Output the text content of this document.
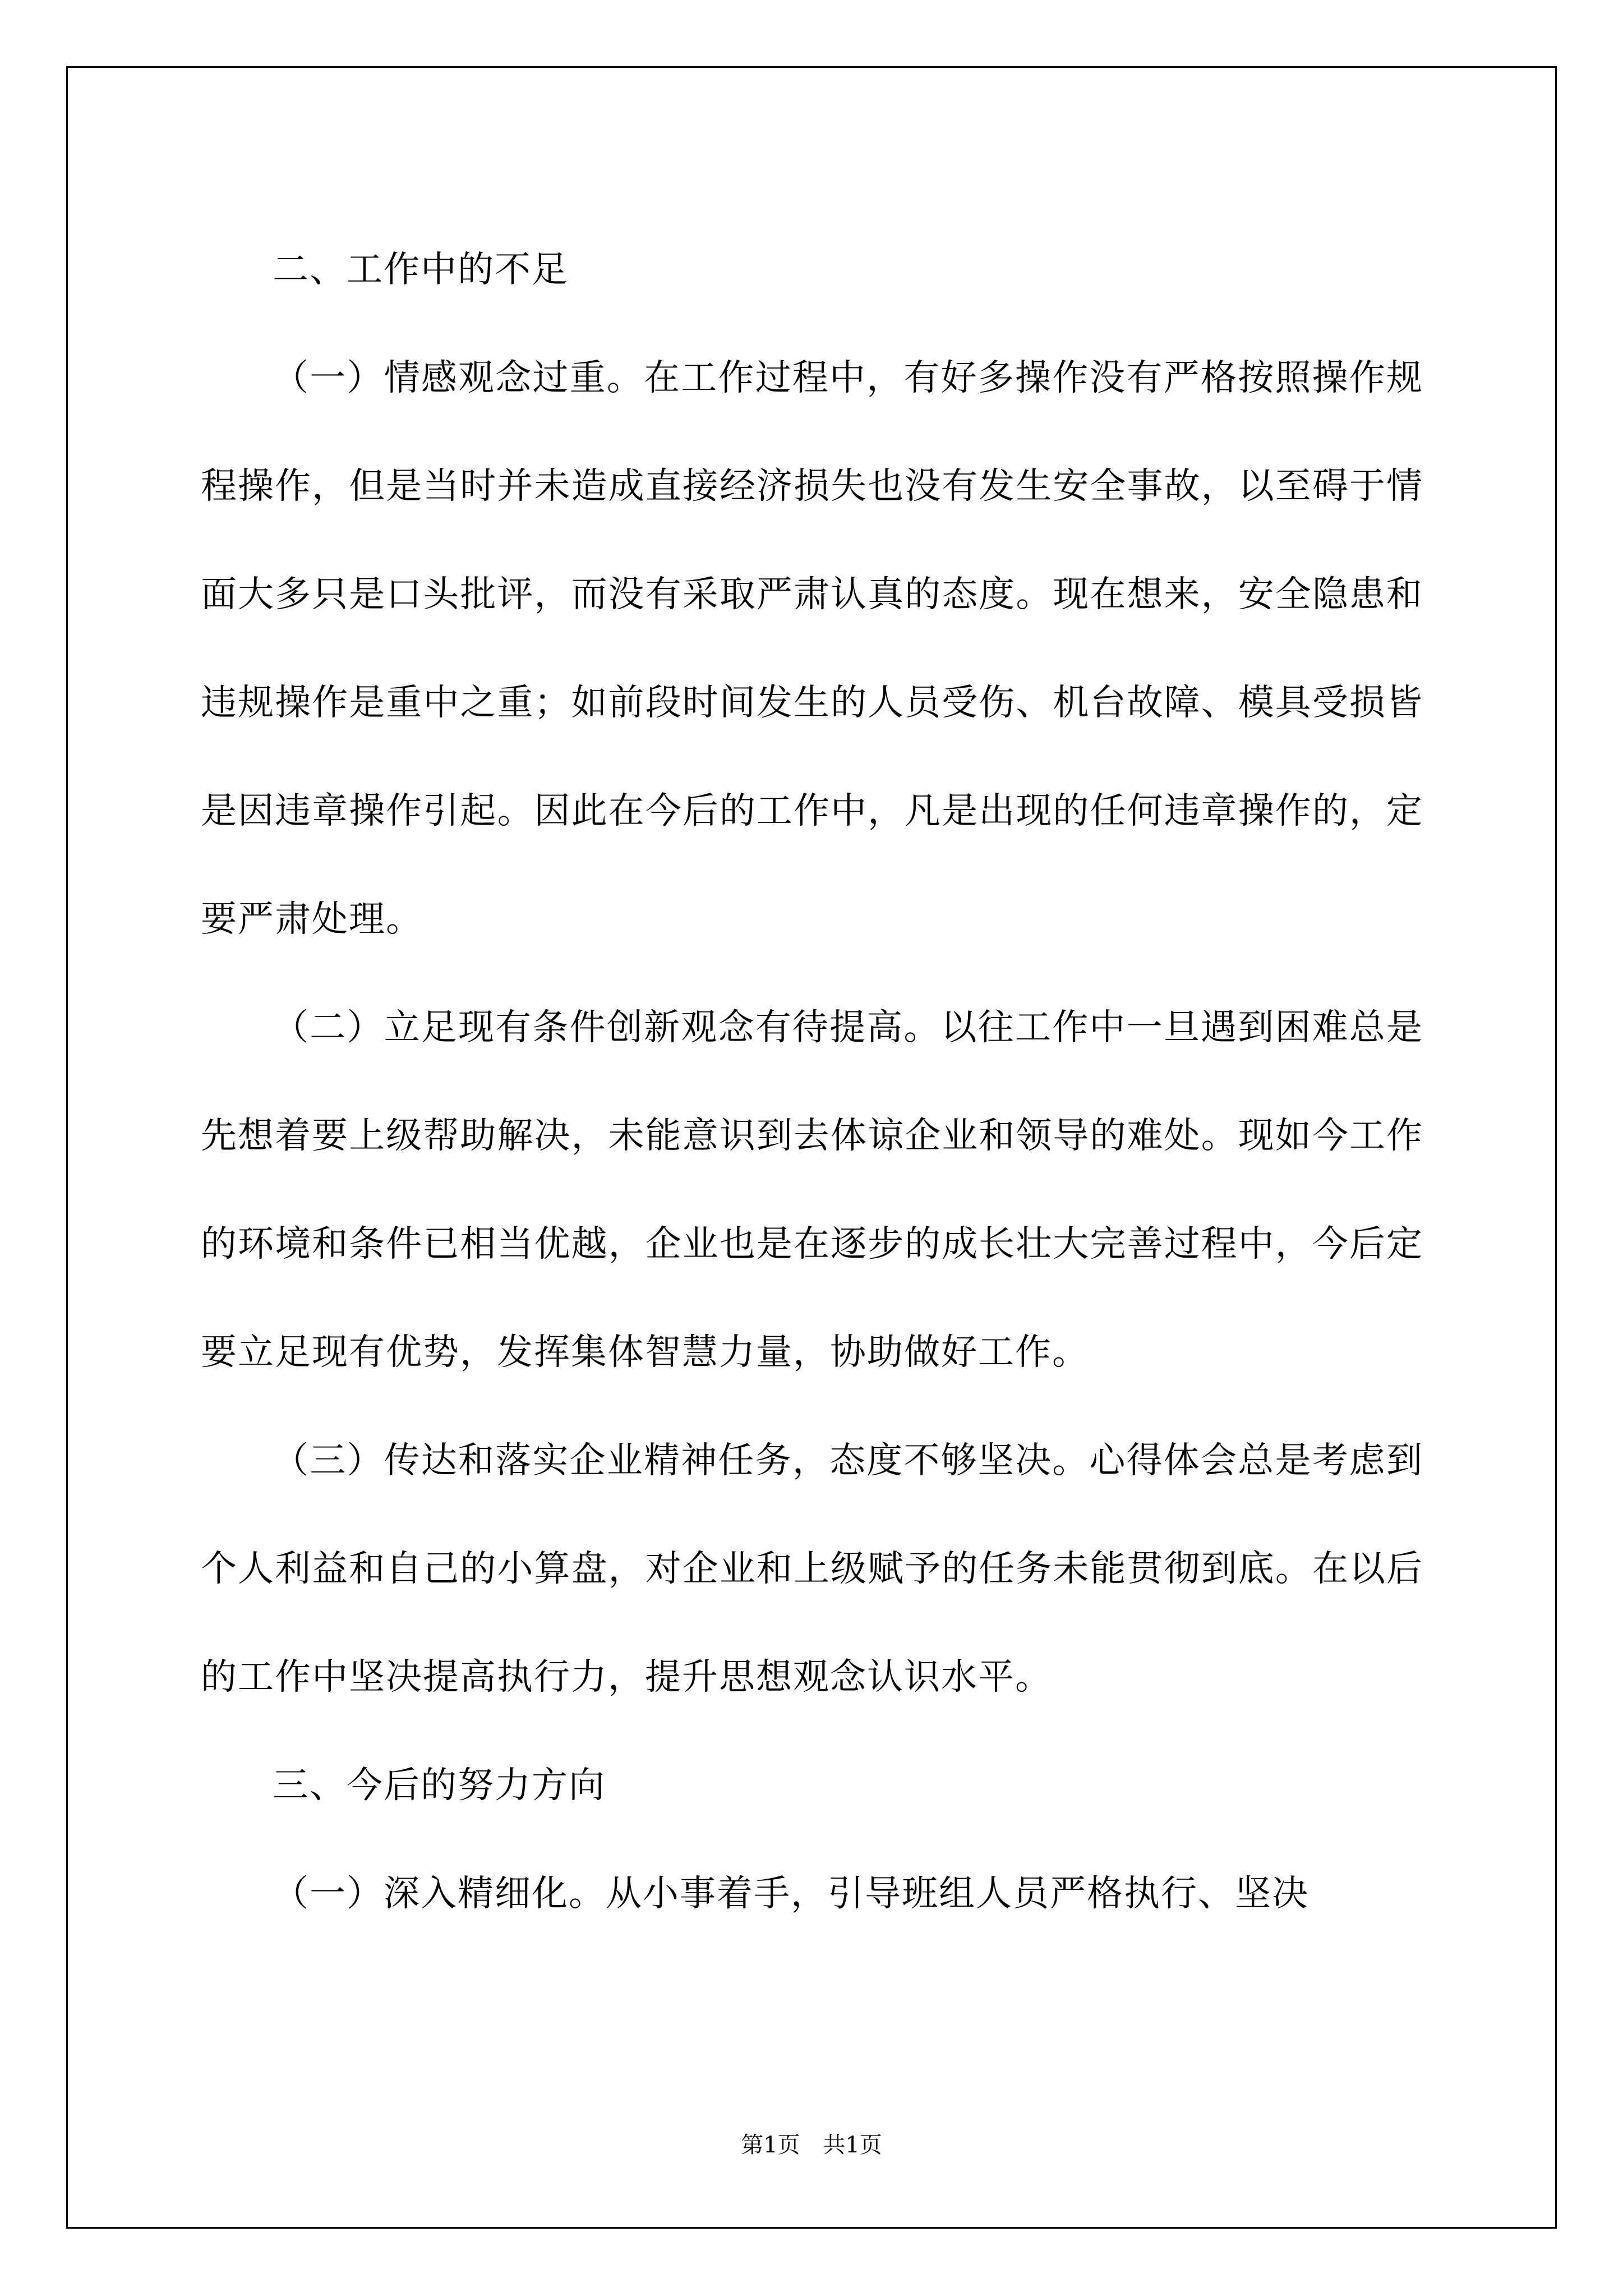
二、工作中的不足

（一）情感观念过重。在工作过程中，有好多操作没有严格按照操作规程操作，但是当时并未造成直接经济损失也没有发生安全事故，以至碍于情面大多只是口头批评，而没有采取严肃认真的态度。现在想来，安全隐患和违规操作是重中之重；如前段时间发生的人员受伤、机台故障、模具受损皆是因违章操作引起。因此在今后的工作中，凡是出现的任何违章操作的，定要严肃处理。

（二）立足现有条件创新观念有待提高。以往工作中一旦遇到困难总是先想着要上级帮助解决，未能意识到去体谅企业和领导的难处。现如今工作的环境和条件已相当优越，企业也是在逐步的成长壮大完善过程中，今后定要立足现有优势，发挥集体智慧力量，协助做好工作。

（三）传达和落实企业精神任务，态度不够坚决。心得体会总是考虑到个人利益和自己的小算盘，对企业和上级赋予的任务未能贯彻到底。在以后的工作中坚决提高执行力，提升思想观念认识水平。

三、今后的努力方向

（一）深入精细化。从小事着手，引导班组人员严格执行、坚决

第1页 共1页
